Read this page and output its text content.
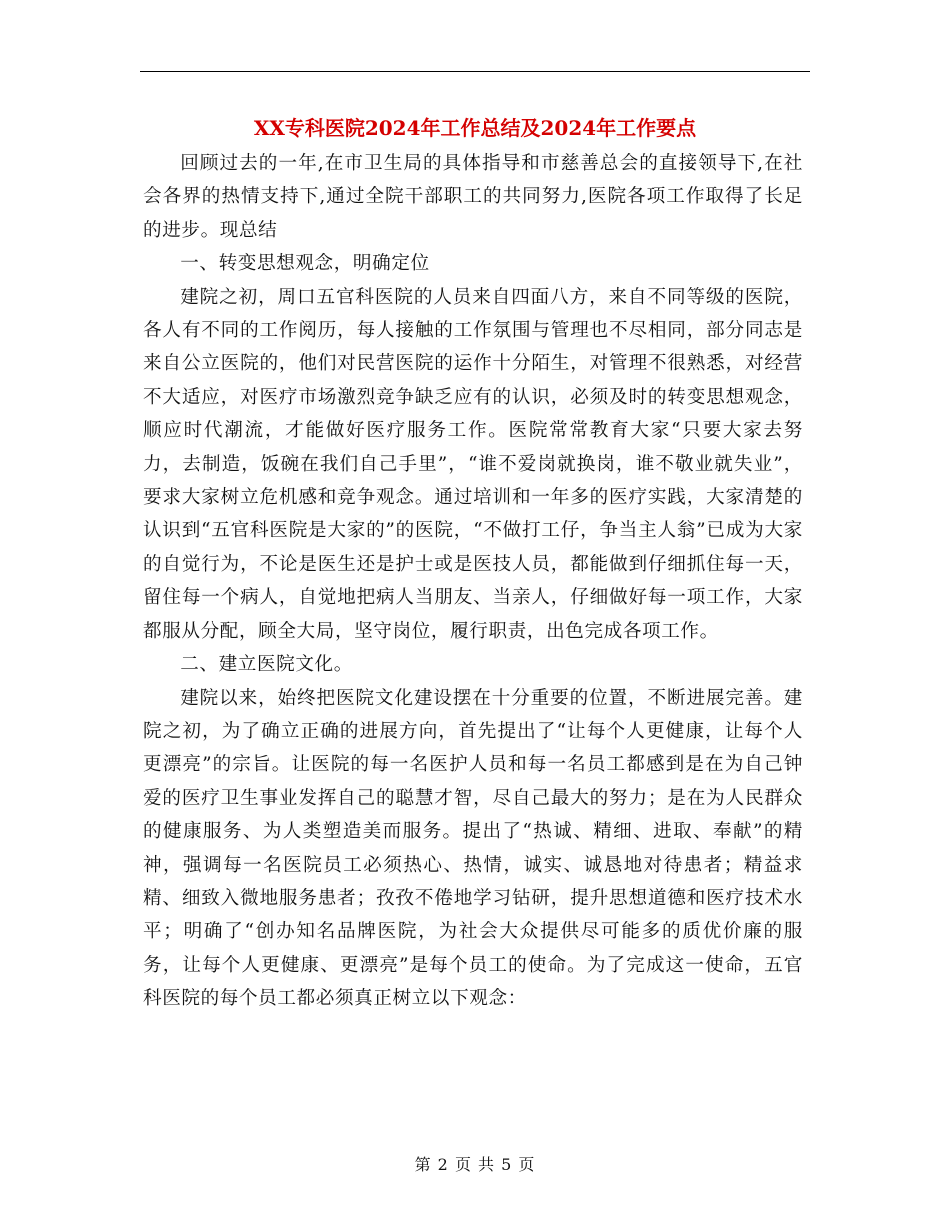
XX专科医院2024年工作总结及2024年工作要点

回顾过去的一年,在市卫生局的具体指导和市慈善总会的直接领导下,在社会各界的热情支持下,通过全院干部职工的共同努力,医院各项工作取得了长足的进步。现总结

一、转变思想观念，明确定位

建院之初，周口五官科医院的人员来自四面八方，来自不同等级的医院，各人有不同的工作阅历，每人接触的工作氛围与管理也不尽相同，部分同志是来自公立医院的，他们对民营医院的运作十分陌生，对管理不很熟悉，对经营不大适应，对医疗市场激烈竞争缺乏应有的认识，必须及时的转变思想观念，顺应时代潮流，才能做好医疗服务工作。医院常常教育大家“只要大家去努力，去制造，饭碗在我们自己手里”，“谁不爱岗就换岗，谁不敬业就失业”，要求大家树立危机感和竞争观念。通过培训和一年多的医疗实践，大家清楚的认识到“五官科医院是大家的”的医院，“不做打工仔，争当主人翁”已成为大家的自觉行为，不论是医生还是护士或是医技人员，都能做到仔细抓住每一天，留住每一个病人，自觉地把病人当朋友、当亲人，仔细做好每一项工作，大家都服从分配，顾全大局，坚守岗位，履行职责，出色完成各项工作。

二、建立医院文化。

建院以来，始终把医院文化建设摆在十分重要的位置，不断进展完善。建院之初，为了确立正确的进展方向，首先提出了“让每个人更健康，让每个人更漂亮”的宗旨。让医院的每一名医护人员和每一名员工都感到是在为自己钟爱的医疗卫生事业发挥自己的聪慧才智，尽自己最大的努力；是在为人民群众的健康服务、为人类塑造美而服务。提出了“热诚、精细、进取、奉献”的精神，强调每一名医院员工必须热心、热情，诚实、诚恳地对待患者；精益求精、细致入微地服务患者；孜孜不倦地学习钻研，提升思想道德和医疗技术水平；明确了“创办知名品牌医院，为社会大众提供尽可能多的质优价廉的服务，让每个人更健康、更漂亮”是每个员工的使命。为了完成这一使命，五官科医院的每个员工都必须真正树立以下观念：

第 2 页 共 5 页
